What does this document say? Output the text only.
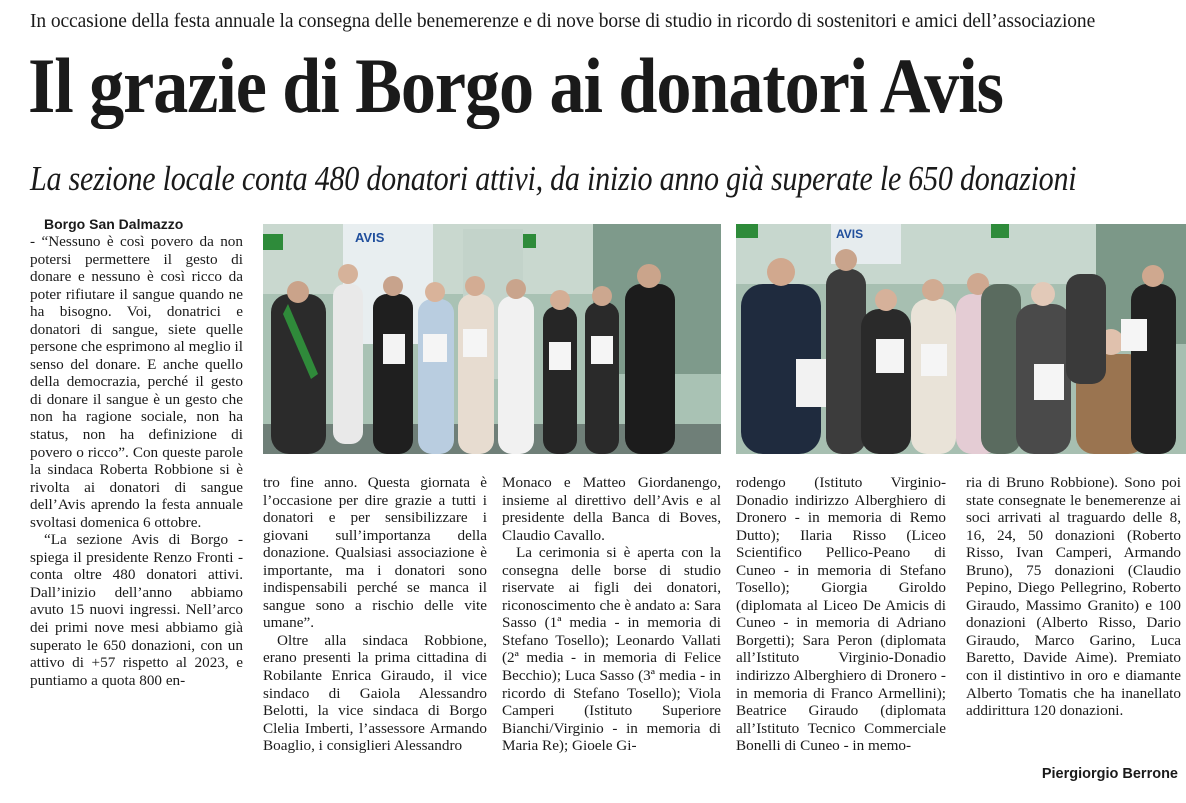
In occasione della festa annuale la consegna delle benemerenze e di nove borse di studio in ricordo di sostenitori e amici dell’associazione
Il grazie di Borgo ai donatori Avis
La sezione locale conta 480 donatori attivi, da inizio anno già superate le 650 donazioni

Borgo San Dalmazzo
- “Nessuno è così povero da non potersi permettere il gesto di donare e nessuno è così ricco da poter rifiutare il sangue quando ne ha bisogno. Voi, donatrici e donatori di sangue, siete quelle persone che esprimono al meglio il senso del donare. E anche quello della democrazia, perché il gesto di donare il sangue è un gesto che non ha ragione sociale, non ha status, non ha definizione di povero o ricco”. Con queste parole la sindaca Roberta Robbione si è rivolta ai donatori di sangue dell’Avis aprendo la festa annuale svoltasi domenica 6 ottobre.

“La sezione Avis di Borgo - spiega il presidente Renzo Fronti - conta oltre 480 donatori attivi. Dall’inizio dell’anno abbiamo avuto 15 nuovi ingressi. Nell’arco dei primi nove mesi abbiamo già superato le 650 donazioni, con un attivo di +57 rispetto al 2023, e puntiamo a quota 800 en-

AVIS	AVIS

tro fine anno. Questa giornata è l’occasione per dire grazie a tutti i donatori e per sensibilizzare i giovani sull’importanza della donazione. Qualsiasi associazione è importante, ma i donatori sono indispensabili perché se manca il sangue sono a rischio delle vite umane”.

Oltre alla sindaca Robbione, erano presenti la prima cittadina di Robilante Enrica Giraudo, il vice sindaco di Gaiola Alessandro Belotti, la vice sindaca di Borgo Clelia Imberti, l’assessore Armando Boaglio, i consiglieri Alessandro

Monaco e Matteo Giordanengo, insieme al direttivo dell’Avis e al presidente della Banca di Boves, Claudio Cavallo.

La cerimonia si è aperta con la consegna delle borse di studio riservate ai figli dei donatori, riconoscimento che è andato a: Sara Sasso (1ª media - in memoria di Stefano Tosello); Leonardo Vallati (2ª media - in memoria di Felice Becchio); Luca Sasso (3ª media - in ricordo di Stefano Tosello); Viola Camperi (Istituto Superiore Bianchi/Virginio - in memoria di Maria Re); Gioele Gi-

rodengo (Istituto Virginio-Donadio indirizzo Alberghiero di Dronero - in memoria di Remo Dutto); Ilaria Risso (Liceo Scientifico Pellico-Peano di Cuneo - in memoria di Stefano Tosello); Giorgia Giroldo (diplomata al Liceo De Amicis di Cuneo - in memoria di Adriano Borgetti); Sara Peron (diplomata all’Istituto Virginio-Donadio indirizzo Alberghiero di Dronero - in memoria di Franco Armellini); Beatrice Giraudo (diplomata all’Istituto Tecnico Commerciale Bonelli di Cuneo - in memo-

ria di Bruno Robbione). Sono poi state consegnate le benemerenze ai soci arrivati al traguardo delle 8, 16, 24, 50 donazioni (Roberto Risso, Ivan Camperi, Armando Bruno), 75 donazioni (Claudio Pepino, Diego Pellegrino, Roberto Giraudo, Massimo Granito) e 100 donazioni (Alberto Risso, Dario Giraudo, Marco Garino, Luca Baretto, Davide Aime). Premiato con il distintivo in oro e diamante Alberto Tomatis che ha inanellato addirittura 120 donazioni.

Piergiorgio Berrone
